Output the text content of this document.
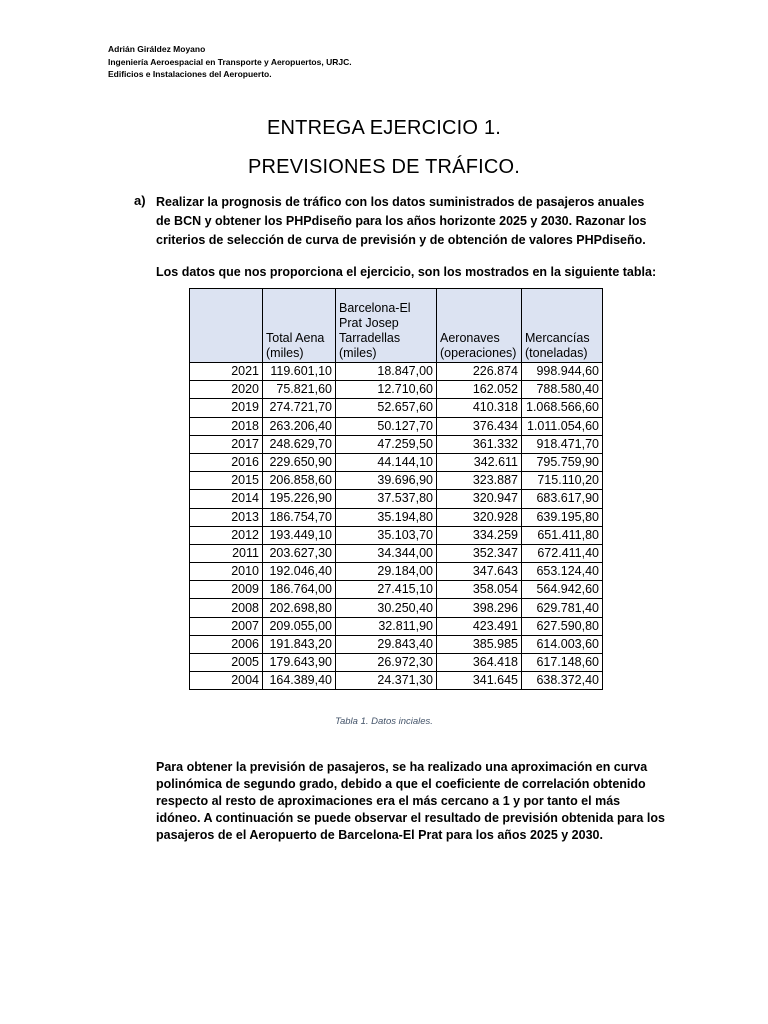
Adrián Giráldez Moyano
Ingeniería Aeroespacial en Transporte y Aeropuertos, URJC.
Edificios e Instalaciones del Aeropuerto.
ENTREGA EJERCICIO 1.
PREVISIONES DE TRÁFICO.
a) Realizar la prognosis de tráfico con los datos suministrados de pasajeros anuales de BCN y obtener los PHPdiseño para los años horizonte 2025 y 2030. Razonar los criterios de selección de curva de previsión y de obtención de valores PHPdiseño.
Los datos que nos proporciona el ejercicio, son los mostrados en la siguiente tabla:
	Total Aena (miles)	Barcelona-El Prat Josep Tarradellas (miles)	Aeronaves (operaciones)	Mercancías (toneladas)
2021	119.601,10	18.847,00	226.874	998.944,60
2020	75.821,60	12.710,60	162.052	788.580,40
2019	274.721,70	52.657,60	410.318	1.068.566,60
2018	263.206,40	50.127,70	376.434	1.011.054,60
2017	248.629,70	47.259,50	361.332	918.471,70
2016	229.650,90	44.144,10	342.611	795.759,90
2015	206.858,60	39.696,90	323.887	715.110,20
2014	195.226,90	37.537,80	320.947	683.617,90
2013	186.754,70	35.194,80	320.928	639.195,80
2012	193.449,10	35.103,70	334.259	651.411,80
2011	203.627,30	34.344,00	352.347	672.411,40
2010	192.046,40	29.184,00	347.643	653.124,40
2009	186.764,00	27.415,10	358.054	564.942,60
2008	202.698,80	30.250,40	398.296	629.781,40
2007	209.055,00	32.811,90	423.491	627.590,80
2006	191.843,20	29.843,40	385.985	614.003,60
2005	179.643,90	26.972,30	364.418	617.148,60
2004	164.389,40	24.371,30	341.645	638.372,40
Tabla 1. Datos inciales.
Para obtener la previsión de pasajeros, se ha realizado una aproximación en curva polinómica de segundo grado, debido a que el coeficiente de correlación obtenido respecto al resto de aproximaciones era el más cercano a 1 y por tanto el más idóneo. A continuación se puede observar el resultado de previsión obtenida para los pasajeros de el Aeropuerto de Barcelona-El Prat para los años 2025 y 2030.
